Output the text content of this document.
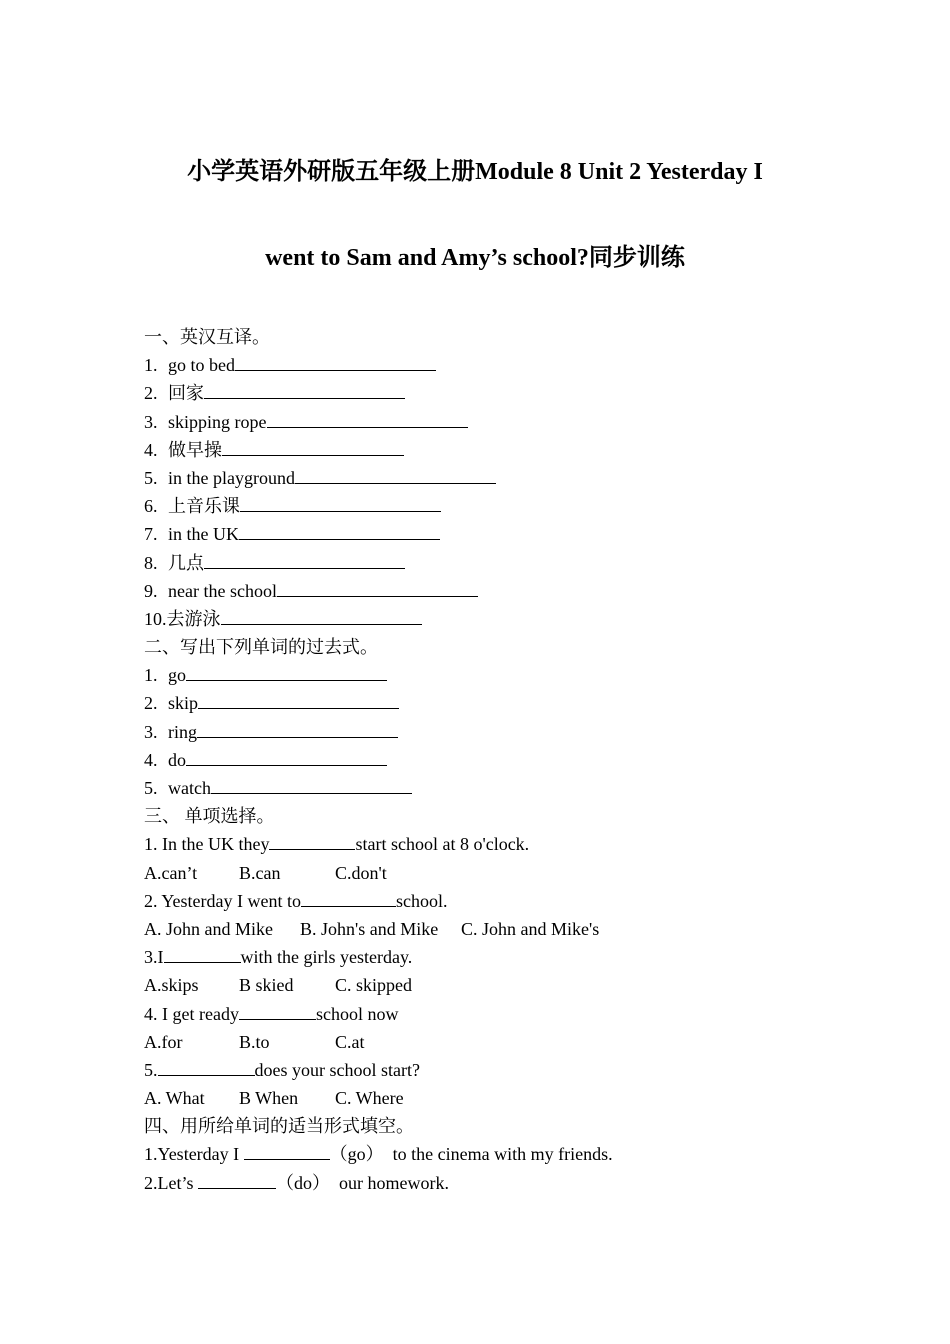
小学英语外研版五年级上册Module 8 Unit 2 Yesterday I
went to Sam and Amy’s school?同步训练
一、英汉互译。
1. go to bed
2. 回家
3. skipping rope
4. 做早操
5. in the playground
6. 上音乐课
7. in the UK
8. 几点
9. near the school
10.去游泳
二、写出下列单词的过去式。
1. go
2. skip
3. ring
4. do
5. watch
三、 单项选择。
1. In the UK they	start school at 8 o'clock.
A.can’t B.can	C.don't
2. Yesterday I went to	school.
A. John and Mike B. John's and Mike C. John and Mike's
3.I	with the girls yesterday.
A.skips B skied C. skipped
4. I get ready	school now
A.for	B.to	C.at
5.	does your school start?
A. What B When C. Where
四、用所给单词的适当形式填空。
1.Yesterday I	（go）  to the cinema with my friends.
2.Let’s	（do）  our homework.
